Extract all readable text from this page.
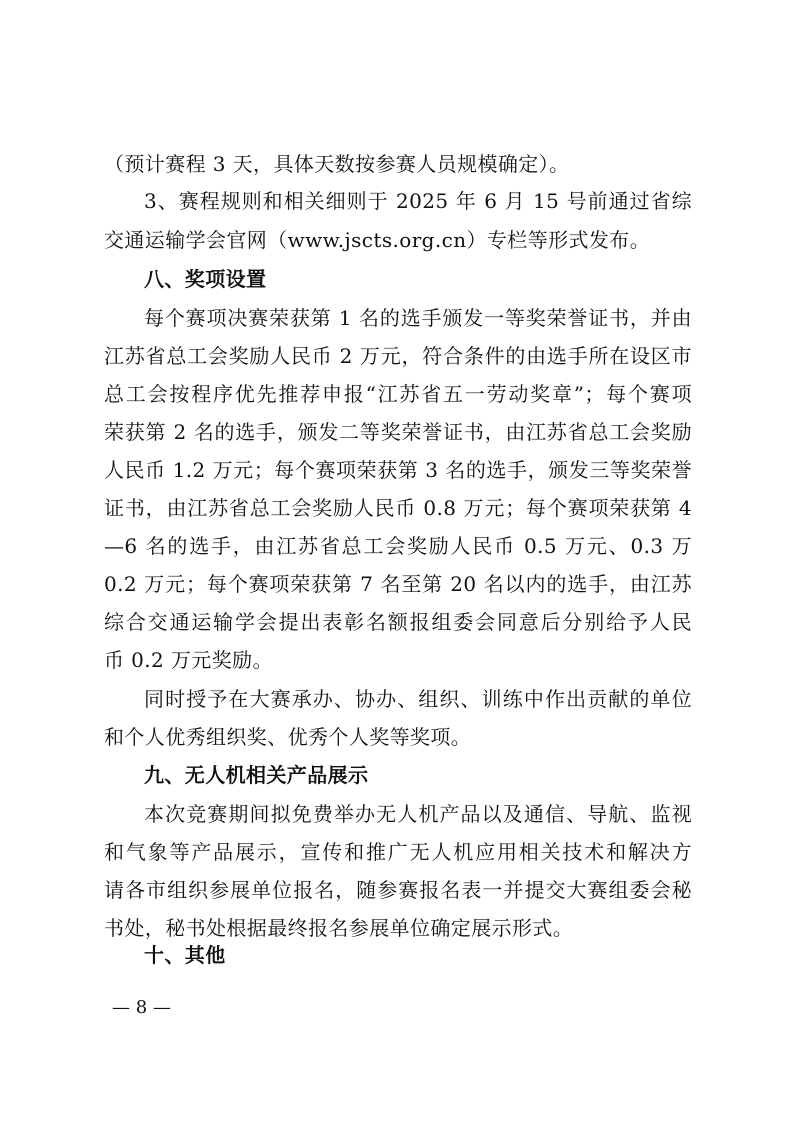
（预计赛程 3 天，具体天数按参赛人员规模确定）。
3、赛程规则和相关细则于 2025 年 6 月 15 号前通过省综
交通运输学会官网（www.jscts.org.cn）专栏等形式发布。
八、奖项设置
每个赛项决赛荣获第 1 名的选手颁发一等奖荣誉证书，并由
江苏省总工会奖励人民币 2 万元，符合条件的由选手所在设区市
总工会按程序优先推荐申报“江苏省五一劳动奖章”；每个赛项
荣获第 2 名的选手，颁发二等奖荣誉证书，由江苏省总工会奖励
人民币 1.2 万元；每个赛项荣获第 3 名的选手，颁发三等奖荣誉
证书，由江苏省总工会奖励人民币 0.8 万元；每个赛项荣获第 4
—6 名的选手，由江苏省总工会奖励人民币 0.5 万元、0.3 万
0.2 万元；每个赛项荣获第 7 名至第 20 名以内的选手，由江苏
综合交通运输学会提出表彰名额报组委会同意后分别给予人民
币 0.2 万元奖励。
同时授予在大赛承办、协办、组织、训练中作出贡献的单位
和个人优秀组织奖、优秀个人奖等奖项。
九、无人机相关产品展示
本次竞赛期间拟免费举办无人机产品以及通信、导航、监视
和气象等产品展示，宣传和推广无人机应用相关技术和解决方
请各市组织参展单位报名，随参赛报名表一并提交大赛组委会秘
书处，秘书处根据最终报名参展单位确定展示形式。
十、其他
— 8 —
